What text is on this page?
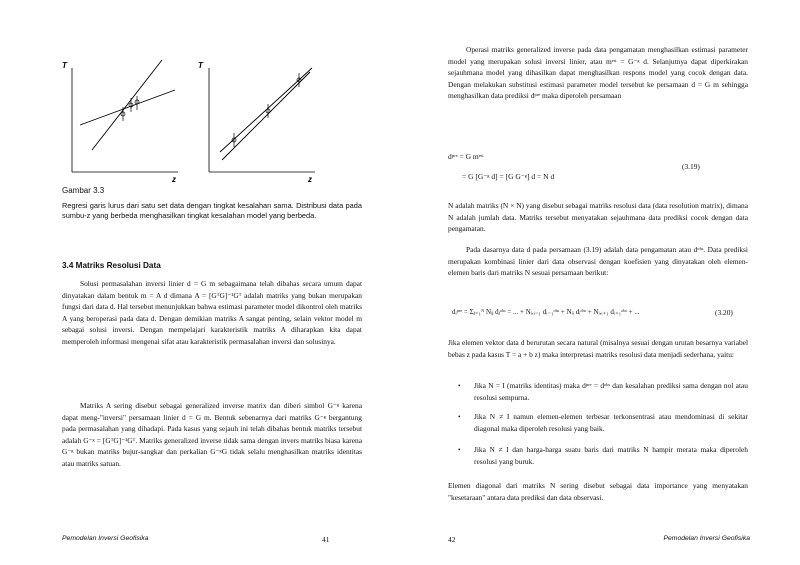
T
z
T
z
Gambar 3.3
Regresi garis lurus dari satu set data dengan tingkat kesalahan sama. Distribusi data pada sumbu-z yang berbeda menghasilkan tingkat kesalahan model yang berbeda.
3.4 Matriks Resolusi Data

Solusi permasalahan inversi linier d = G m sebagaimana telah dibahas secara umum dapat dinyatakan dalam bentuk m = A d dimana A = [GᵀG]⁻¹Gᵀ adalah matriks yang bukan merupakan fungsi dari data d. Hal tersebut menunjukkan bahwa estimasi parameter model dikontrol oleh matriks A yang beroperasi pada data d. Dengan demikian matriks A sangat penting, selain vektor model m sebagai solusi inversi. Dengan mempelajari karakteristik matriks A diharapkan kita dapat memperoleh informasi mengenai sifat atau karakteristik permasalahan inversi dan solusinya.

Matriks A sering disebut sebagai generalized inverse matrix dan diberi simbol G⁻ᵍ karena dapat meng-"inversi" persamaan linier d = G m. Bentuk sebenarnya dari matriks G⁻ᵍ bergantung pada permasalahan yang dihadapi. Pada kasus yang sejauh ini telah dibahas bentuk matriks tersebut adalah G⁻ᵍ = [GᵀG]⁻¹Gᵀ. Matriks generalized inverse tidak sama dengan invers matriks biasa karena G⁻ᵍ bukan matriks bujur-sangkar dan perkalian G⁻ᵍG tidak selalu menghasilkan matriks identitas atau matriks satuan.

Pemodelan Inversi Geofisika	41

Operasi matriks generalized inverse pada data pengamatan menghasilkan estimasi parameter model yang merupakan solusi inversi linier, atau mᵉˢᵗ = G⁻ᵍ d. Selanjutnya dapat diperkirakan sejauhmana model yang dihasilkan dapat menghasilkan respons model yang cocok dengan data. Dengan melakukan substitusi estimasi parameter model tersebut ke persamaan d = G m sehingga menghasilkan data prediksi dᵖʳᵉ maka diperoleh persamaan

dᵖʳᵉ = G mᵉˢᵗ
= G [G⁻ᵍ d] = [G G⁻ᵍ] d = N d
(3.19)

N adalah matriks (N × N) yang disebut sebagai matriks resolusi data (data resolution matrix), dimana N adalah jumlah data. Matriks tersebut menyatakan sejauhmana data prediksi cocok dengan data pengamatan.

Pada dasarnya data d pada persamaan (3.19) adalah data pengamatan atau dᵒᵇˢ. Data prediksi merupakan kombinasi linier dari data observasi dengan koefisien yang dinyatakan oleh elemen-elemen baris dari matriks N sesuai persamaan berikut:

dᵢᵖʳᵉ = Σⱼ₌₁ᴺ Nᵢⱼ dⱼᵒᵇˢ = ... + Nᵢ,ᵢ₋₁ dᵢ₋₁ᵒᵇˢ + Nᵢᵢ dᵢᵒᵇˢ + Nᵢ,ᵢ₊₁ dᵢ₊₁ᵒᵇˢ + ...	(3.20)

Jika elemen vektor data d berurutan secara natural (misalnya sesuai dengan urutan besarnya variabel bebas z pada kasus T = a + b z) maka interpretasi matriks resolusi data menjadi sederhana, yaitu:

• Jika N = I (matriks identitas) maka dᵖʳᵉ = dᵒᵇˢ dan kesalahan prediksi sama dengan nol atau resolusi sempurna.
• Jika N ≠ I namun elemen-elemen terbesar terkonsentrasi atau mendominasi di sekitar diagonal maka diperoleh resolusi yang baik.
• Jika N ≠ I dan harga-harga suatu baris dari matriks N hampir merata maka diperoleh resolusi yang buruk.

Elemen diagonal dari matriks N sering disebut sebagai data importance yang menyatakan "kesetaraan" antara data prediksi dan data observasi.

42	Pemodelan Inversi Geofisika
